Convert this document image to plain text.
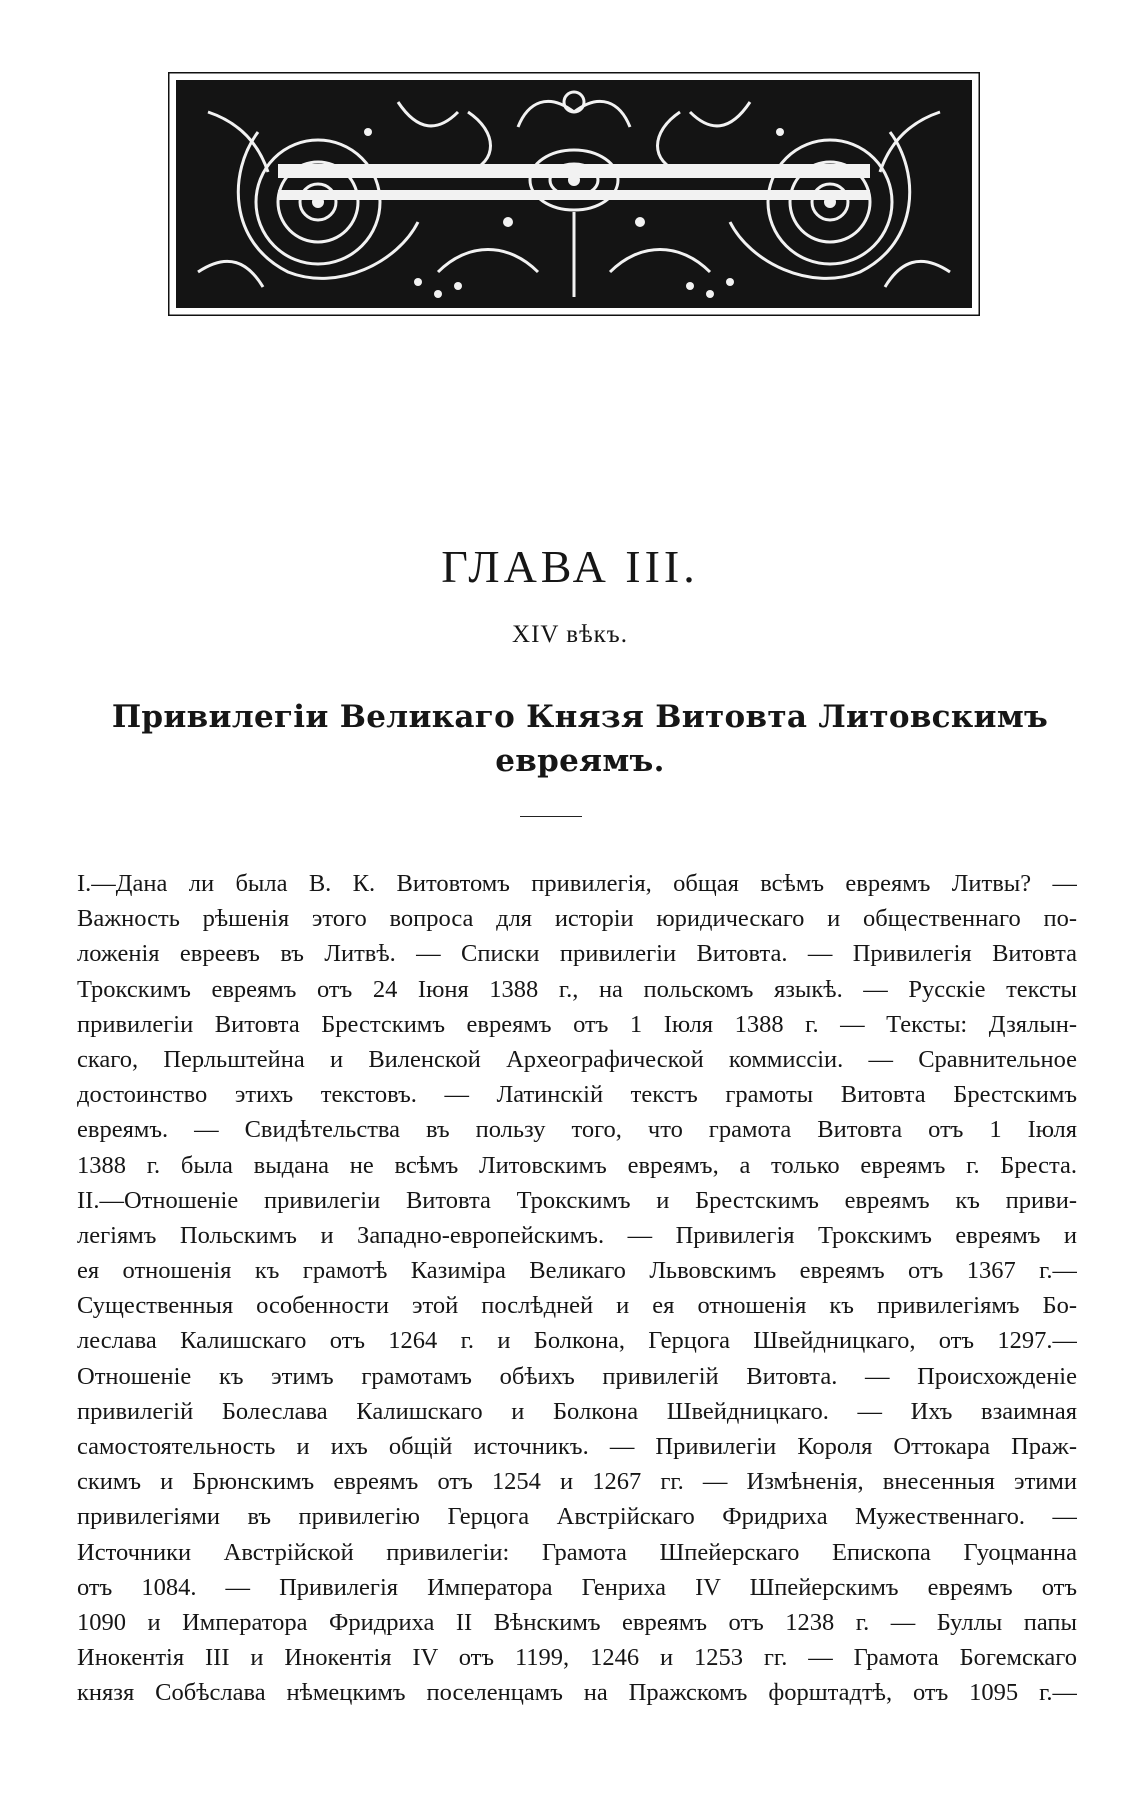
ГЛАВА III.
XIV вѣкъ.
Привилегіи Великаго Князя Витовта Литовскимъ
евреямъ.
I.—Дана ли была В. К. Витовтомъ привилегія, общая всѣмъ евреямъ Литвы? —
Важность рѣшенія этого вопроса для исторіи юридическаго и общественнаго по-
ложенія евреевъ въ Литвѣ. — Списки привилегіи Витовта. — Привилегія Витовта
Трокскимъ евреямъ отъ 24 Іюня 1388 г., на польскомъ языкѣ. — Русскіе тексты
привилегіи Витовта Брестскимъ евреямъ отъ 1 Іюля 1388 г. — Тексты: Дзялын-
скаго, Перльштейна и Виленской Археографической коммиссіи. — Сравнительное
достоинство этихъ текстовъ. — Латинскій текстъ грамоты Витовта Брестскимъ
евреямъ. — Свидѣтельства въ пользу того, что грамота Витовта отъ 1 Іюля
1388 г. была выдана не всѣмъ Литовскимъ евреямъ, а только евреямъ г. Бреста.
II.—Отношеніе привилегіи Витовта Трокскимъ и Брестскимъ евреямъ къ приви-
легіямъ Польскимъ и Западно-европейскимъ. — Привилегія Трокскимъ евреямъ и
ея отношенія къ грамотѣ Казиміра Великаго Львовскимъ евреямъ отъ 1367 г.—
Существенныя особенности этой послѣдней и ея отношенія къ привилегіямъ Бо-
леслава Калишскаго отъ 1264 г. и Болкона, Герцога Швейдницкаго, отъ 1297.—
Отношеніе къ этимъ грамотамъ обѣихъ привилегій Витовта. — Происхожденіе
привилегій Болеслава Калишскаго и Болкона Швейдницкаго. — Ихъ взаимная
самостоятельность и ихъ общій источникъ. — Привилегіи Короля Оттокара Праж-
скимъ и Брюнскимъ евреямъ отъ 1254 и 1267 гг. — Измѣненія, внесенныя этими
привилегіями въ привилегію Герцога Австрійскаго Фридриха Мужественнаго. —
Источники Австрійской привилегіи: Грамота Шпейерскаго Епископа Гуоцманна
отъ 1084. — Привилегія Императора Генриха IV Шпейерскимъ евреямъ отъ
1090 и Императора Фридриха II Вѣнскимъ евреямъ отъ 1238 г. — Буллы папы
Инокентія III и Инокентія IV отъ 1199, 1246 и 1253 гг. — Грамота Богемскаго
князя Собѣслава нѣмецкимъ поселенцамъ на Пражскомъ форштадтѣ, отъ 1095 г.—
